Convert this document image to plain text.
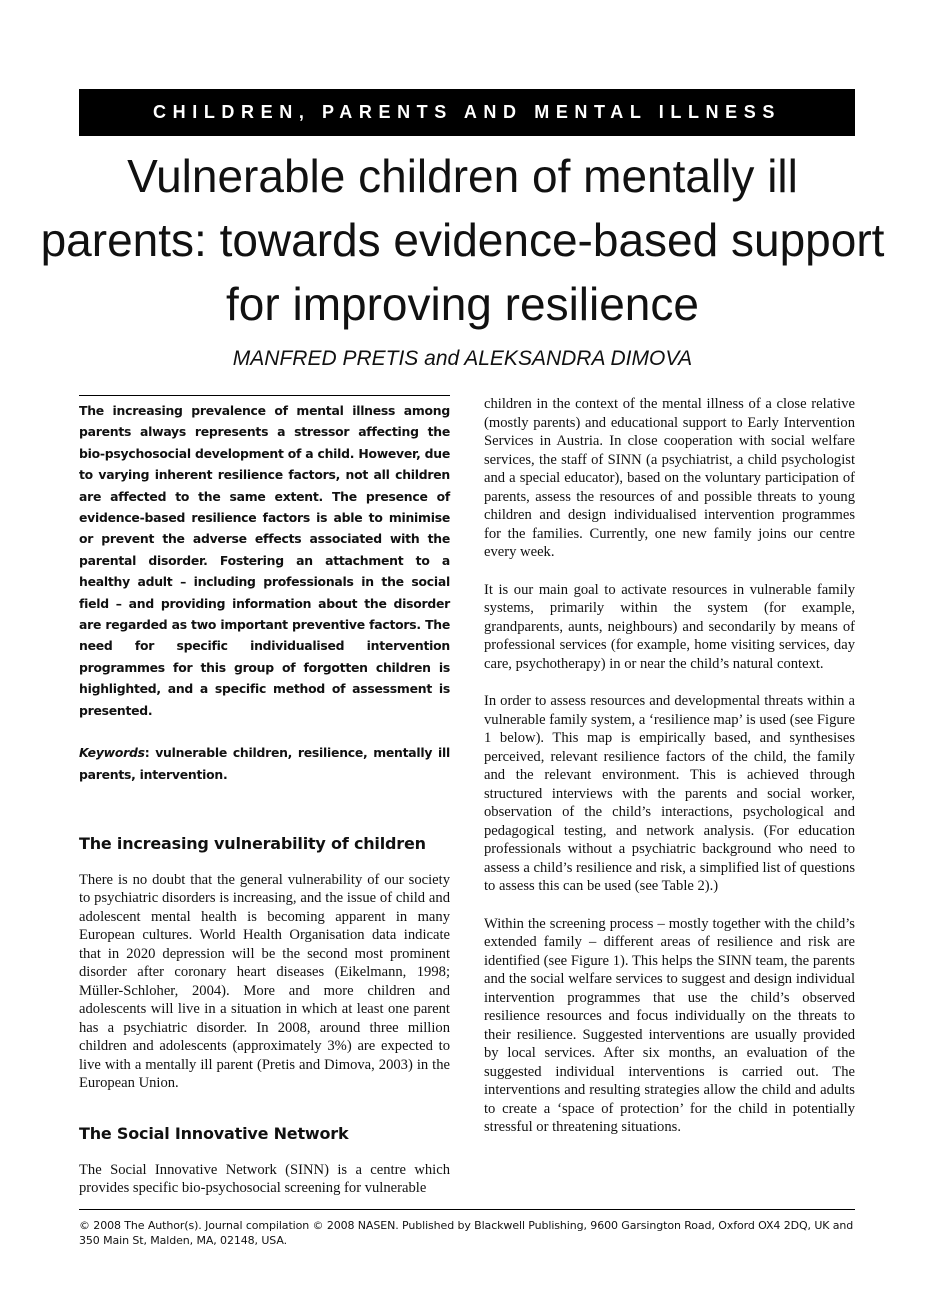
CHILDREN, PARENTS AND MENTAL ILLNESS
Vulnerable children of mentally ill parents: towards evidence-based support for improving resilience
MANFRED PRETIS and ALEKSANDRA DIMOVA

The increasing prevalence of mental illness among parents always represents a stressor affecting the bio-psychosocial development of a child. However, due to varying inherent resilience factors, not all children are affected to the same extent. The presence of evidence-based resilience factors is able to minimise or prevent the adverse effects associated with the parental disorder. Fostering an attachment to a healthy adult – including professionals in the social field – and providing information about the disorder are regarded as two important preventive factors. The need for specific individualised intervention programmes for this group of forgotten children is highlighted, and a specific method of assessment is presented.

Keywords: vulnerable children, resilience, mentally ill parents, intervention.

The increasing vulnerability of children

There is no doubt that the general vulnerability of our society to psychiatric disorders is increasing, and the issue of child and adolescent mental health is becoming apparent in many European cultures. World Health Organisation data indicate that in 2020 depression will be the second most prominent disorder after coronary heart diseases (Eikelmann, 1998; Müller-Schloher, 2004). More and more children and adolescents will live in a situation in which at least one parent has a psychiatric disorder. In 2008, around three million children and adolescents (approximately 3%) are expected to live with a mentally ill parent (Pretis and Dimova, 2003) in the European Union.

The Social Innovative Network

The Social Innovative Network (SINN) is a centre which provides specific bio-psychosocial screening for vulnerable

children in the context of the mental illness of a close relative (mostly parents) and educational support to Early Intervention Services in Austria. In close cooperation with social welfare services, the staff of SINN (a psychiatrist, a child psychologist and a special educator), based on the voluntary participation of parents, assess the resources of and possible threats to young children and design individualised intervention programmes for the families. Currently, one new family joins our centre every week.

It is our main goal to activate resources in vulnerable family systems, primarily within the system (for example, grandparents, aunts, neighbours) and secondarily by means of professional services (for example, home visiting services, day care, psychotherapy) in or near the child’s natural context.

In order to assess resources and developmental threats within a vulnerable family system, a ‘resilience map’ is used (see Figure 1 below). This map is empirically based, and synthesises perceived, relevant resilience factors of the child, the family and the relevant environment. This is achieved through structured interviews with the parents and social worker, observation of the child’s interactions, psychological and pedagogical testing, and network analysis. (For education professionals without a psychiatric background who need to assess a child’s resilience and risk, a simplified list of questions to assess this can be used (see Table 2).)

Within the screening process – mostly together with the child’s extended family – different areas of resilience and risk are identified (see Figure 1). This helps the SINN team, the parents and the social welfare services to suggest and design individual intervention programmes that use the child’s observed resilience resources and focus individually on the threats to their resilience. Suggested interventions are usually provided by local services. After six months, an evaluation of the suggested individual interventions is carried out. The interventions and resulting strategies allow the child and adults to create a ‘space of protection’ for the child in potentially stressful or threatening situations.

© 2008 The Author(s). Journal compilation © 2008 NASEN. Published by Blackwell Publishing, 9600 Garsington Road, Oxford OX4 2DQ, UK and 350 Main St, Malden, MA, 02148, USA.
